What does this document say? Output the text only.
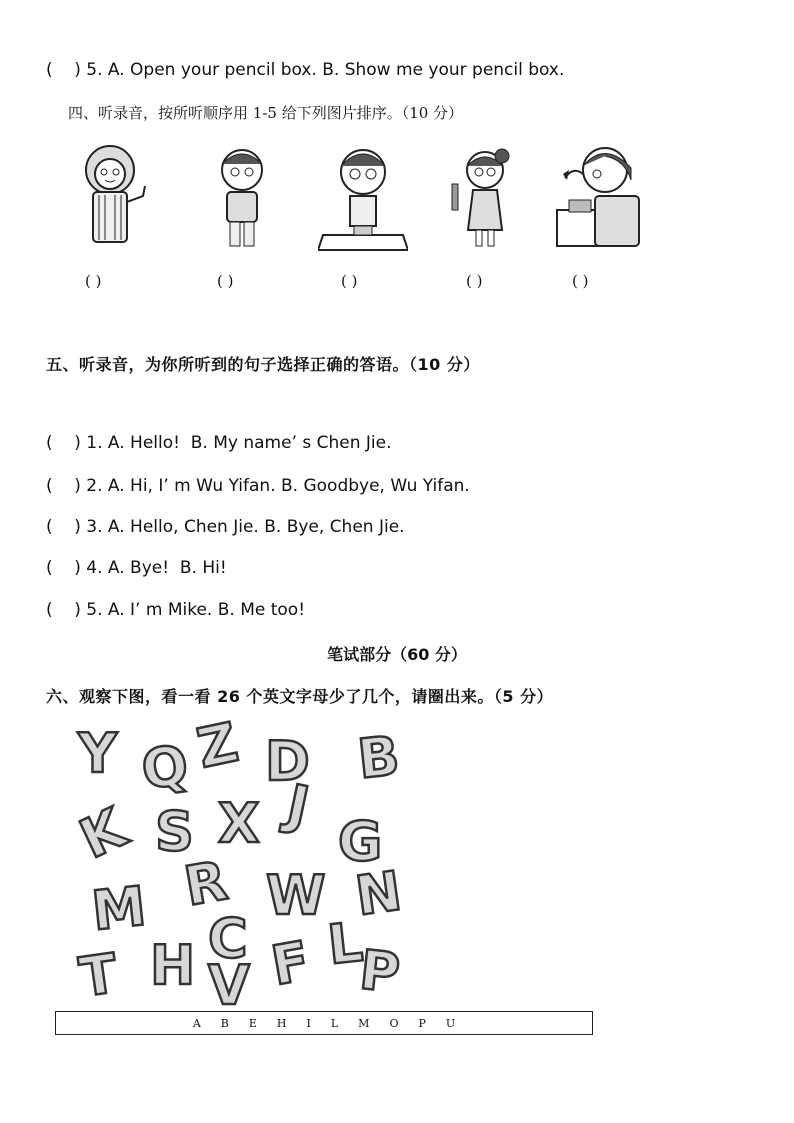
(    ) 5. A. Open your pencil box. B. Show me your pencil box.
四、听录音，按所听顺序用 1-5 给下列图片排序。（10 分）
( )	( )	( )	( )	( )
五、听录音，为你所听到的句子选择正确的答语。（10 分）
(    ) 1. A. Hello!  B. My name’ s Chen Jie.
(    ) 2. A. Hi, I’ m Wu Yifan. B. Goodbye, Wu Yifan.
(    ) 3. A. Hello, Chen Jie. B. Bye, Chen Jie.
(    ) 4. A. Bye!  B. Hi!
(    ) 5. A. I’ m Mike. B. Me too!
笔试部分（60 分）
六、观察下图，看一看 26 个英文字母少了几个，请圈出来。（5 分）
Y Q Z D B
K S X J
G
M R W N
T H C F L
V P
A B E H I L M O P U
